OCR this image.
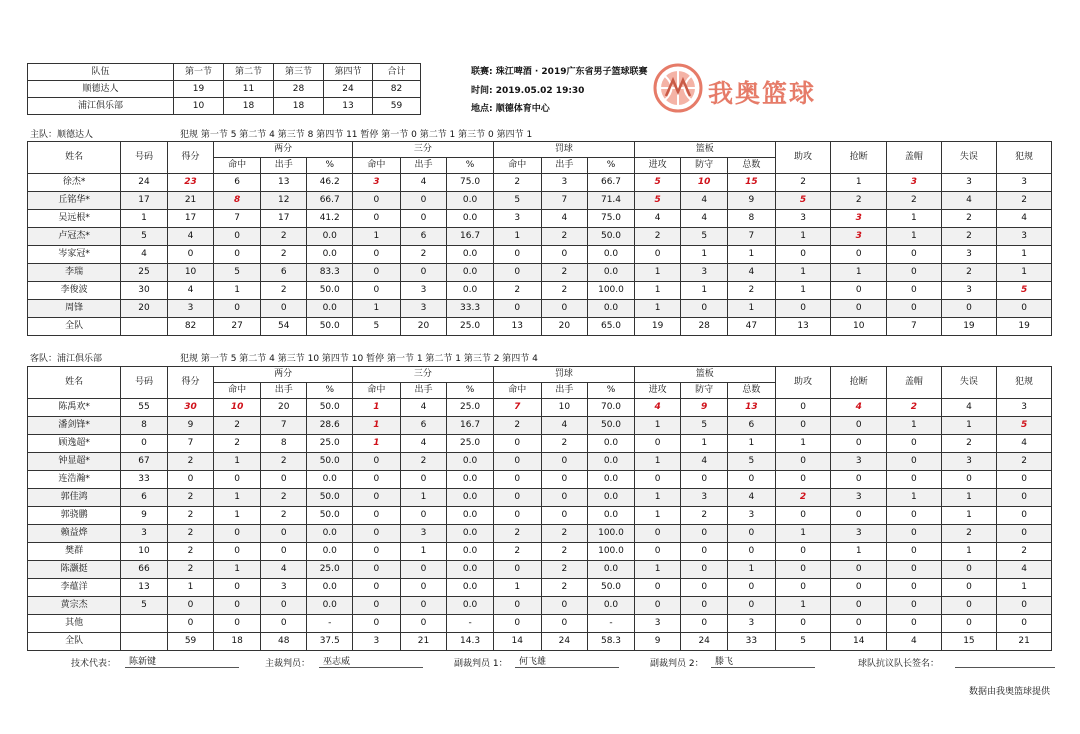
队伍	第一节	第二节	第三节	第四节	合计
顺德达人	19	11	28	24	82
浦江俱乐部	10	18	18	13	59
联赛: 珠江啤酒 · 2019广东省男子篮球联赛
时间: 2019.05.02 19:30
地点: 顺德体育中心
我奥篮球
主队：顺德达人	犯规 第一节 5 第二节 4 第三节 8 第四节 11 暂停 第一节 0 第二节 1 第三节 0 第四节 1
姓名	号码	得分	两分			三分			罚球			篮板			助攻	抢断	盖帽	失误	犯规
			命中	出手	%	命中	出手	%	命中	出手	%	进攻	防守	总数					
徐杰*	24	23	6	13	46.2	3	4	75.0	2	3	66.7	5	10	15	2	1	3	3	3
丘铭华*	17	21	8	12	66.7	0	0	0.0	5	7	71.4	5	4	9	5	2	2	4	2
吴远根*	1	17	7	17	41.2	0	0	0.0	3	4	75.0	4	4	8	3	3	1	2	4
卢冠杰*	5	4	0	2	0.0	1	6	16.7	1	2	50.0	2	5	7	1	3	1	2	3
岑家冠*	4	0	0	2	0.0	0	2	0.0	0	0	0.0	0	1	1	0	0	0	3	1
李瑞	25	10	5	6	83.3	0	0	0.0	0	2	0.0	1	3	4	1	1	0	2	1
李俊波	30	4	1	2	50.0	0	3	0.0	2	2	100.0	1	1	2	1	0	0	3	5
周锋	20	3	0	0	0.0	1	3	33.3	0	0	0.0	1	0	1	0	0	0	0	0
全队		82	27	54	50.0	5	20	25.0	13	20	65.0	19	28	47	13	10	7	19	19
客队：浦江俱乐部	犯规 第一节 5 第二节 4 第三节 10 第四节 10 暂停 第一节 1 第二节 1 第三节 2 第四节 4
姓名	号码	得分	两分			三分			罚球			篮板			助攻	抢断	盖帽	失误	犯规
			命中	出手	%	命中	出手	%	命中	出手	%	进攻	防守	总数					
陈禹欢*	55	30	10	20	50.0	1	4	25.0	7	10	70.0	4	9	13	0	4	2	4	3
潘剑锋*	8	9	2	7	28.6	1	6	16.7	2	4	50.0	1	5	6	0	0	1	1	5
顾逸超*	0	7	2	8	25.0	1	4	25.0	0	2	0.0	0	1	1	1	0	0	2	4
钟显超*	67	2	1	2	50.0	0	2	0.0	0	0	0.0	1	4	5	0	3	0	3	2
连浩瀚*	33	0	0	0	0.0	0	0	0.0	0	0	0.0	0	0	0	0	0	0	0	0
郭佳鸿	6	2	1	2	50.0	0	1	0.0	0	0	0.0	1	3	4	2	3	1	1	0
郭骁鹏	9	2	1	2	50.0	0	0	0.0	0	0	0.0	1	2	3	0	0	0	1	0
赖益烨	3	2	0	0	0.0	0	3	0.0	2	2	100.0	0	0	0	1	3	0	2	0
樊群	10	2	0	0	0.0	0	1	0.0	2	2	100.0	0	0	0	0	1	0	1	2
陈灏挺	66	2	1	4	25.0	0	0	0.0	0	2	0.0	1	0	1	0	0	0	0	4
李蕴洋	13	1	0	3	0.0	0	0	0.0	1	2	50.0	0	0	0	0	0	0	0	1
黄宗杰	5	0	0	0	0.0	0	0	0.0	0	0	0.0	0	0	0	1	0	0	0	0
其他		0	0	0	-	0	0	-	0	0	-	3	0	3	0	0	0	0	0
全队		59	18	48	37.5	3	21	14.3	14	24	58.3	9	24	33	5	14	4	15	21
技术代表：	陈新键	主裁判员：	巫志威	副裁判员 1：	何飞雄	副裁判员 2：	滕飞	球队抗议队长签名：
数据由我奥篮球提供
